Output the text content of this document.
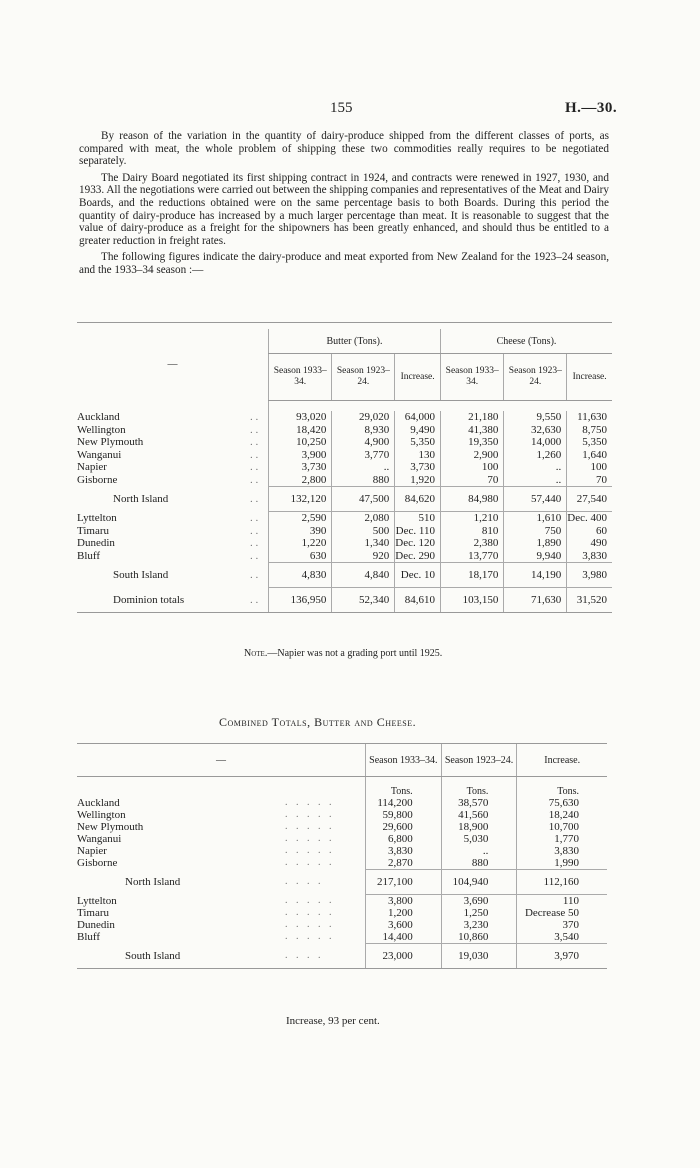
155	H.—30.

By reason of the variation in the quantity of dairy-produce shipped from the different classes of ports, as compared with meat, the whole problem of shipping these two commodities really requires to be negotiated separately.

The Dairy Board negotiated its first shipping contract in 1924, and contracts were renewed in 1927, 1930, and 1933. All the negotiations were carried out between the shipping companies and representatives of the Meat and Dairy Boards, and the reductions obtained were on the same percentage basis to both Boards. During this period the quantity of dairy-produce has increased by a much larger percentage than meat. It is reasonable to suggest that the value of dairy-produce as a freight for the shipowners has been greatly enhanced, and should thus be entitled to a greater reduction in freight rates.

The following figures indicate the dairy-produce and meat exported from New Zealand for the 1923–24 season, and the 1933–34 season :—

—		Butter (Tons).			Cheese (Tons).		
		Season 1933–34.	Season 1923–24.	Increase.	Season 1933–34.	Season 1923–24.	Increase.

Auckland	. .	93,020	29,020	64,000	21,180	9,550	11,630
Wellington	. .	18,420	8,930	9,490	41,380	32,630	8,750
New Plymouth	. .	10,250	4,900	5,350	19,350	14,000	5,350
Wanganui	. .	3,900	3,770	130	2,900	1,260	1,640
Napier	. .	3,730	..	3,730	100	..	100
Gisborne	. .	2,800	880	1,920	70	..	70

North Island	. .	132,120	47,500	84,620	84,980	57,440	27,540

Lyttelton	. .	2,590	2,080	510	1,210	1,610	Dec. 400
Timaru	. .	390	500	Dec. 110	810	750	60
Dunedin	. .	1,220	1,340	Dec. 120	2,380	1,890	490
Bluff	. .	630	920	Dec. 290	13,770	9,940	3,830

South Island	. .	4,830	4,840	Dec. 10	18,170	14,190	3,980

Dominion totals	. .	136,950	52,340	84,610	103,150	71,630	31,520
Note.—Napier was not a grading port until 1925.
Combined Totals, Butter and Cheese.
—		Season 1933–34.	Season 1923–24.	Increase.
		Tons.	Tons.	Tons.
Auckland	. . . . .	114,200	38,570	75,630
Wellington	. . . . .	59,800	41,560	18,240
New Plymouth	. . . . .	29,600	18,900	10,700
Wanganui	. . . . .	6,800	5,030	1,770
Napier	. . . . .	3,830	..	3,830
Gisborne	. . . . .	2,870	880	1,990

North Island	. . . .	217,100	104,940	112,160

Lyttelton	. . . . .	3,800	3,690	110
Timaru	. . . . .	1,200	1,250	Decrease 50
Dunedin	. . . . .	3,600	3,230	370
Bluff	. . . . .	14,400	10,860	3,540

South Island	. . . .	23,000	19,030	3,970
Increase, 93 per cent.
